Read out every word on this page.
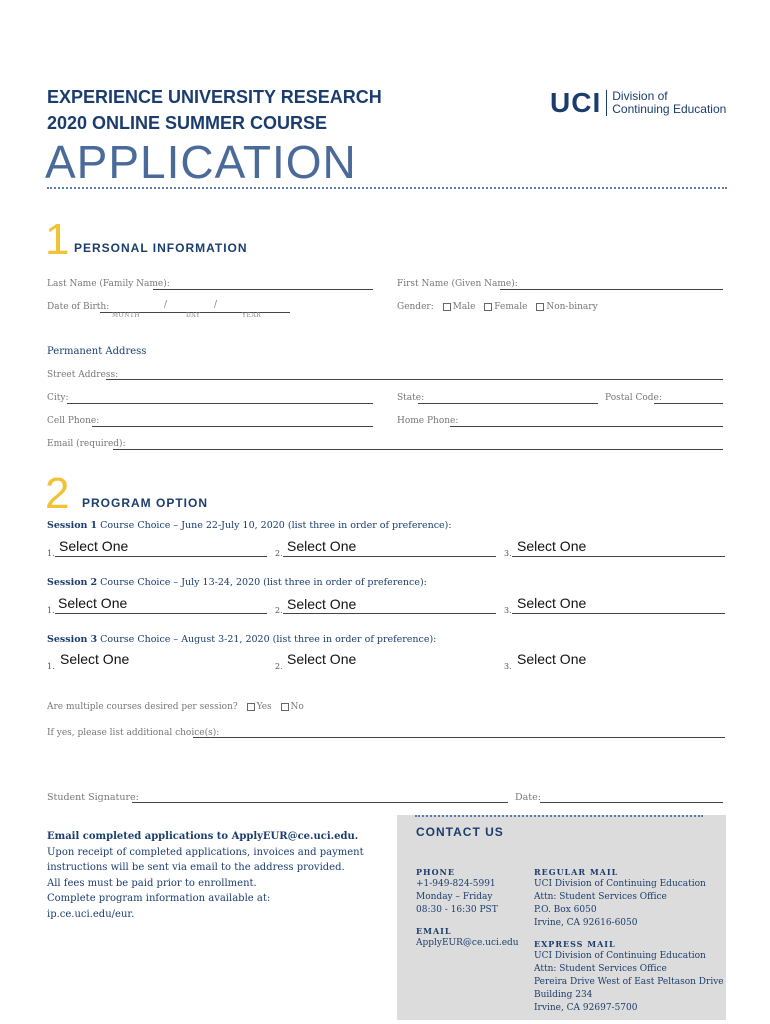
EXPERIENCE UNIVERSITY RESEARCH
2020 ONLINE SUMMER COURSE
APPLICATION
UCI Division of
Continuing Education
1 PERSONAL INFORMATION
Last Name (Family Name):	First Name (Given Name):
Date of Birth:	/	/
MONTH	DAY	YEAR
Gender: Male Female Non-binary
Permanent Address
Street Address:
City:	State:	Postal Code:
Cell Phone:	Home Phone:
Email (required):
2 PROGRAM OPTION
Session 1 Course Choice – June 22-July 10, 2020 (list three in order of preference):
1. Select One	2. Select One	3. Select One
Session 2 Course Choice – July 13-24, 2020 (list three in order of preference):
1. Select One	2. Select One	3. Select One
Session 3 Course Choice – August 3-21, 2020 (list three in order of preference):
1. Select One	2. Select One	3. Select One
Are multiple courses desired per session? Yes No
If yes, please list additional choice(s):
Student Signature:	Date:
Email completed applications to ApplyEUR@ce.uci.edu.
Upon receipt of completed applications, invoices and payment
instructions will be sent via email to the address provided.
All fees must be paid prior to enrollment.
Complete program information available at:
ip.ce.uci.edu/eur.
CONTACT US
PHONE
+1-949-824-5991
Monday – Friday
08:30 - 16:30 PST
EMAIL
ApplyEUR@ce.uci.edu
REGULAR MAIL
UCI Division of Continuing Education
Attn: Student Services Office
P.O. Box 6050
Irvine, CA 92616-6050
EXPRESS MAIL
UCI Division of Continuing Education
Attn: Student Services Office
Pereira Drive West of East Peltason Drive
Building 234
Irvine, CA 92697-5700
